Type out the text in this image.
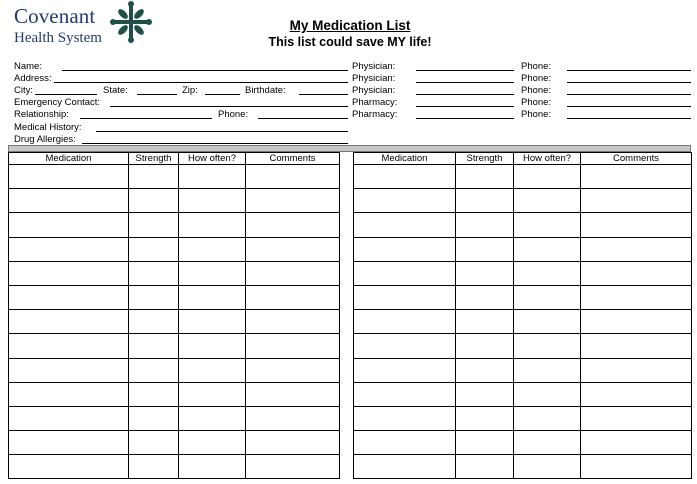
Covenant
Health System
My Medication List
This list could save MY life!
Name:
Address:
City:	State:	Zip:	Birthdate:
Emergency Contact:
Relationship:	Phone:
Medical History:
Drug Allergies:
Physician:	Phone:
Physician:	Phone:
Physician:	Phone:
Pharmacy:	Phone:
Pharmacy:	Phone:
Medication	Strength	How often?	Comments

				Medication	Strength	How often?	Comments
